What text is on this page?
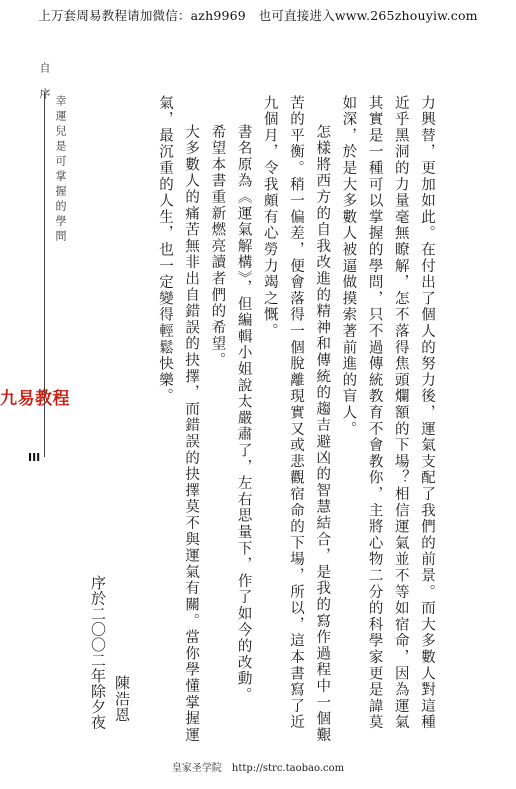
上万套周易教程请加微信：azh9969　也可直接进入www.265zhouyiw.com
自　序
幸運兒是可掌握的學問
九易教程
III	力興替，更加如此。在付出了個人的努力後，運氣支配了我們的前景。而大多數人對這種近乎黑洞的力量毫無瞭解，怎不落得焦頭爛額的下場？相信運氣並不等如宿命，因為運氣其實是一種可以掌握的學問，只不過傳統教育不會教你，主將心物二分的科學家更是諱莫如深，於是大多數人被逼做摸索著前進的盲人。

怎樣將西方的自我改進的精神和傳統的趨吉避凶的智慧結合，是我的寫作過程中一個艱苦的平衡。稍一偏差，便會落得一個脫離現實又或悲觀宿命的下場，所以，這本書寫了近九個月，令我頗有心勞力竭之慨。

書名原為《運氣解構》，但編輯小姐說太嚴肅了，左右思量下，作了如今的改動。

希望本書重新燃亮讀者們的希望。

大多數人的痛苦無非出自錯誤的抉擇，而錯誤的抉擇莫不與運氣有關。當你學懂掌握運氣，最沉重的人生，也一定變得輕鬆快樂。

序於二〇〇二年除夕夜 陳浩恩
皇家圣学院　http://strc.taobao.com
